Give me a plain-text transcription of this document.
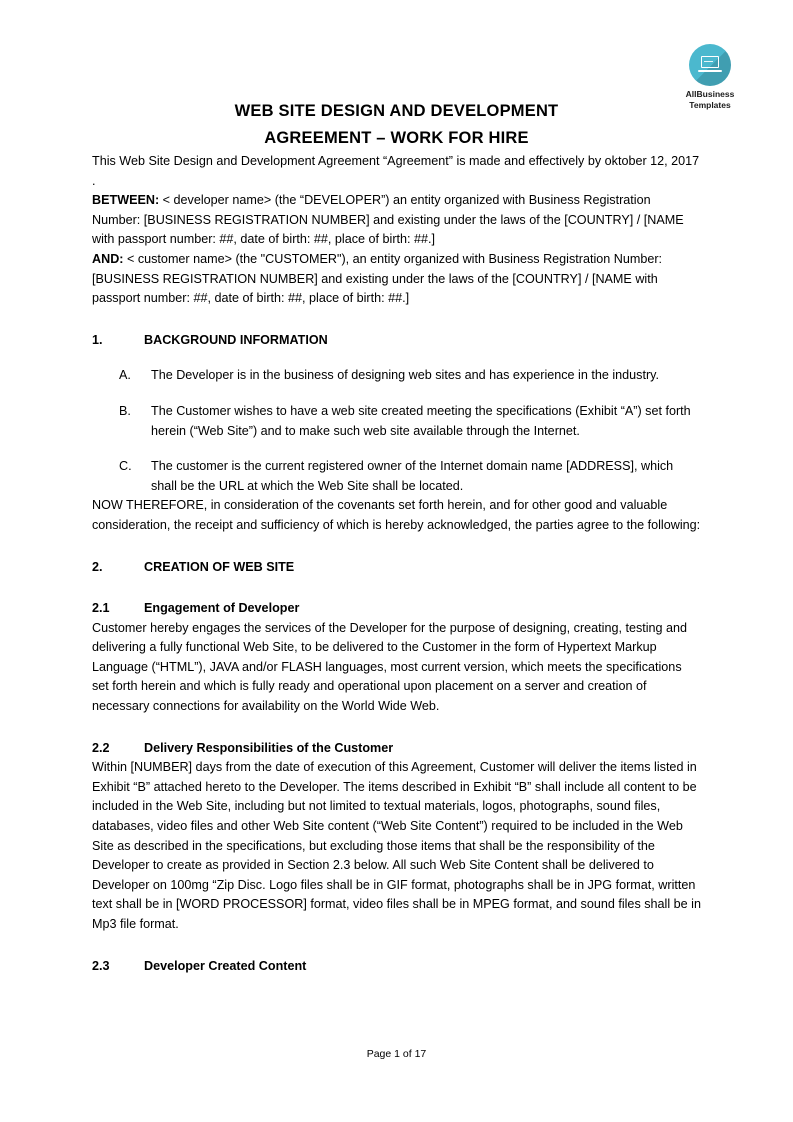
AllBusiness
Templates
WEB SITE DESIGN AND DEVELOPMENT
AGREEMENT – WORK FOR HIRE

This Web Site Design and Development Agreement “Agreement” is made and effectively by oktober 12, 2017 .

BETWEEN: < developer name> (the “DEVELOPER”) an entity organized with Business Registration Number: [BUSINESS REGISTRATION NUMBER] and existing under the laws of the [COUNTRY] / [NAME with passport number: ##, date of birth: ##, place of birth: ##.]

AND: < customer name> (the "CUSTOMER"), an entity organized with Business Registration Number: [BUSINESS REGISTRATION NUMBER] and existing under the laws of the [COUNTRY] / [NAME with passport number: ##, date of birth: ##, place of birth: ##.]

1.	BACKGROUND INFORMATION
A.	The Developer is in the business of designing web sites and has experience in the industry.
B.	The Customer wishes to have a web site created meeting the specifications (Exhibit “A”) set forth herein (“Web Site”) and to make such web site available through the Internet.
C.	The customer is the current registered owner of the Internet domain name [ADDRESS], which shall be the URL at which the Web Site shall be located.

NOW THEREFORE, in consideration of the covenants set forth herein, and for other good and valuable consideration, the receipt and sufficiency of which is hereby acknowledged, the parties agree to the following:

2.	CREATION OF WEB SITE
2.1	Engagement of Developer

Customer hereby engages the services of the Developer for the purpose of designing, creating, testing and delivering a fully functional Web Site, to be delivered to the Customer in the form of Hypertext Markup Language (“HTML”), JAVA and/or FLASH languages, most current version, which meets the specifications set forth herein and which is fully ready and operational upon placement on a server and creation of necessary connections for availability on the World Wide Web.

2.2	Delivery Responsibilities of the Customer

Within [NUMBER] days from the date of execution of this Agreement, Customer will deliver the items listed in Exhibit “B” attached hereto to the Developer. The items described in Exhibit “B” shall include all content to be included in the Web Site, including but not limited to textual materials, logos, photographs, sound files, databases, video files and other Web Site content (“Web Site Content”) required to be included in the Web Site as described in the specifications, but excluding those items that shall be the responsibility of the Developer to create as provided in Section 2.3 below. All such Web Site Content shall be delivered to Developer on 100mg “Zip Disc. Logo files shall be in GIF format, photographs shall be in JPG format, written text shall be in [WORD PROCESSOR] format, video files shall be in MPEG format, and sound files shall be in Mp3 file format.

2.3	Developer Created Content
Page 1 of 17
